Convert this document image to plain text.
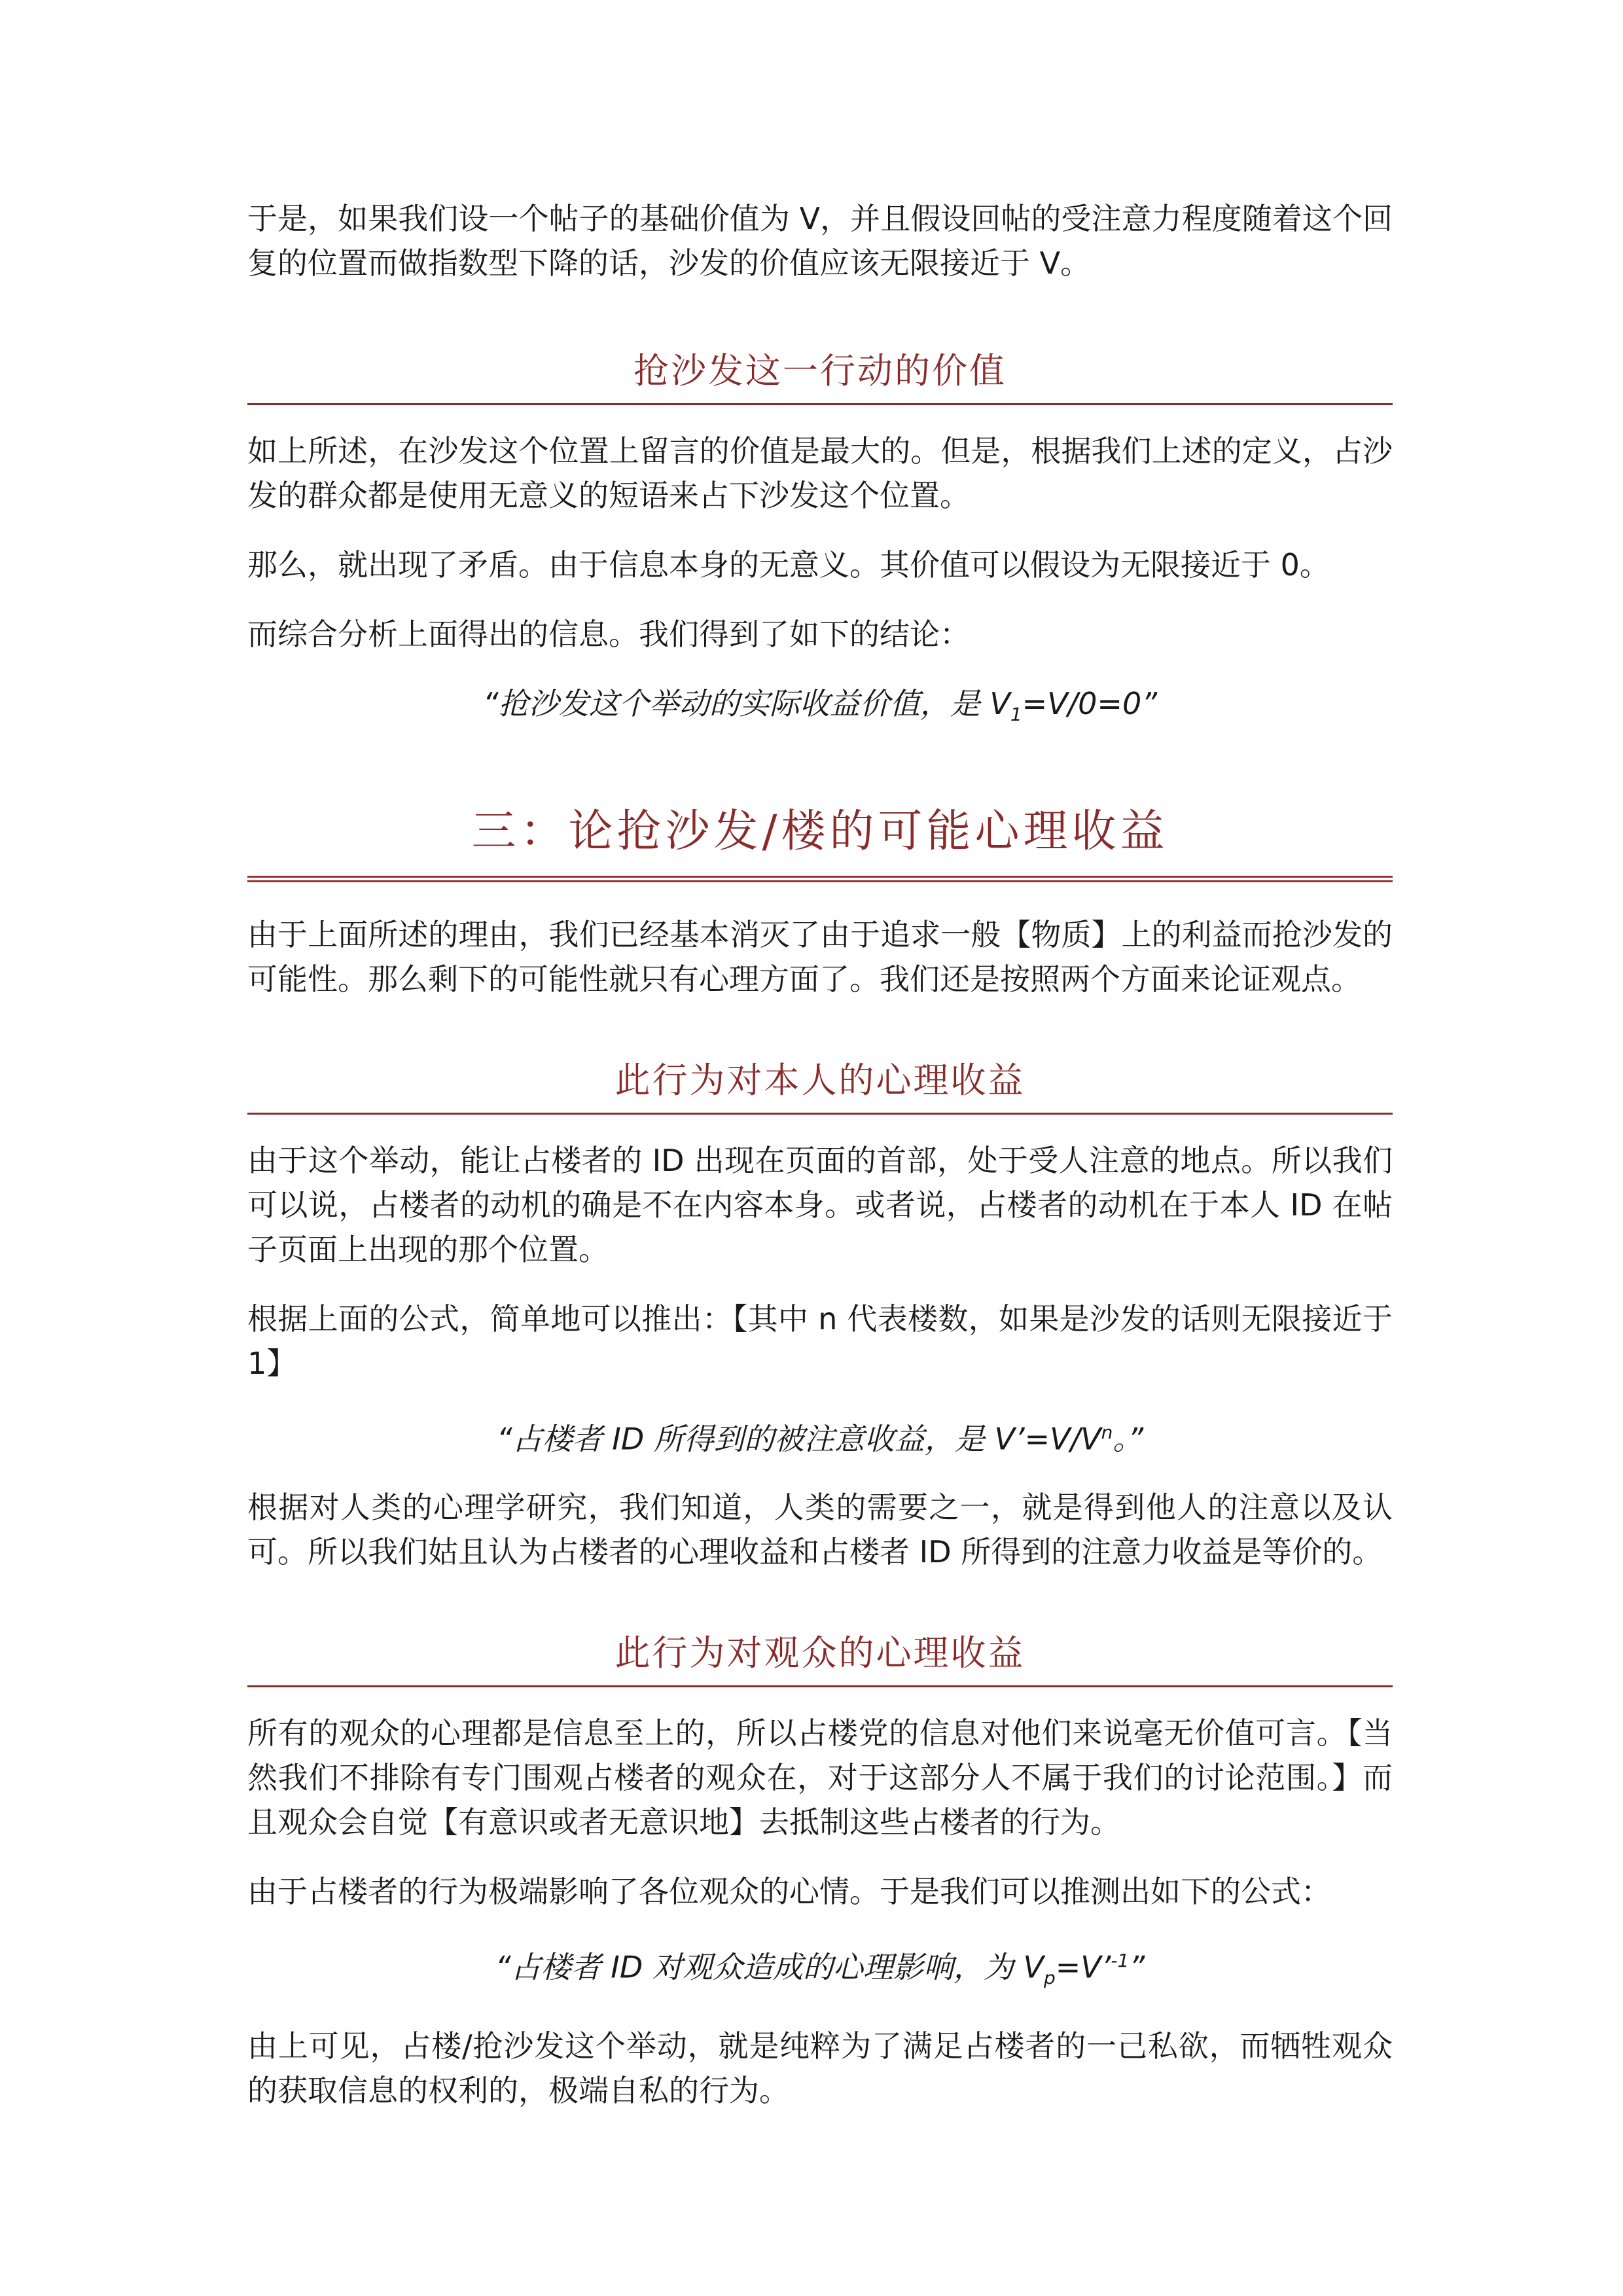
于是，如果我们设一个帖子的基础价值为 V，并且假设回帖的受注意力程度随着这个回复的位置而做指数型下降的话，沙发的价值应该无限接近于 V。

抢沙发这一行动的价值

如上所述，在沙发这个位置上留言的价值是最大的。但是，根据我们上述的定义，占沙发的群众都是使用无意义的短语来占下沙发这个位置。

那么，就出现了矛盾。由于信息本身的无意义。其价值可以假设为无限接近于 0。

而综合分析上面得出的信息。我们得到了如下的结论：

“抢沙发这个举动的实际收益价值，是 $V_1=V/0=0$”

三：论抢沙发/楼的可能心理收益

由于上面所述的理由，我们已经基本消灭了由于追求一般【物质】上的利益而抢沙发的可能性。那么剩下的可能性就只有心理方面了。我们还是按照两个方面来论证观点。

此行为对本人的心理收益

由于这个举动，能让占楼者的 ID 出现在页面的首部，处于受人注意的地点。所以我们可以说，占楼者的动机的确是不在内容本身。或者说，占楼者的动机在于本人 ID 在帖子页面上出现的那个位置。

根据上面的公式，简单地可以推出：【其中 n 代表楼数，如果是沙发的话则无限接近于 1】

“占楼者 ID 所得到的被注意收益，是 $V’=V/V^n$。”

根据对人类的心理学研究，我们知道，人类的需要之一，就是得到他人的注意以及认可。所以我们姑且认为占楼者的心理收益和占楼者 ID 所得到的注意力收益是等价的。

此行为对观众的心理收益

所有的观众的心理都是信息至上的，所以占楼党的信息对他们来说毫无价值可言。【当然我们不排除有专门围观占楼者的观众在，对于这部分人不属于我们的讨论范围。】而且观众会自觉【有意识或者无意识地】去抵制这些占楼者的行为。

由于占楼者的行为极端影响了各位观众的心情。于是我们可以推测出如下的公式：

“占楼者 ID 对观众造成的心理影响，为 $V_p=V’^{-1}$”

由上可见，占楼/抢沙发这个举动，就是纯粹为了满足占楼者的一己私欲，而牺牲观众的获取信息的权利的，极端自私的行为。
